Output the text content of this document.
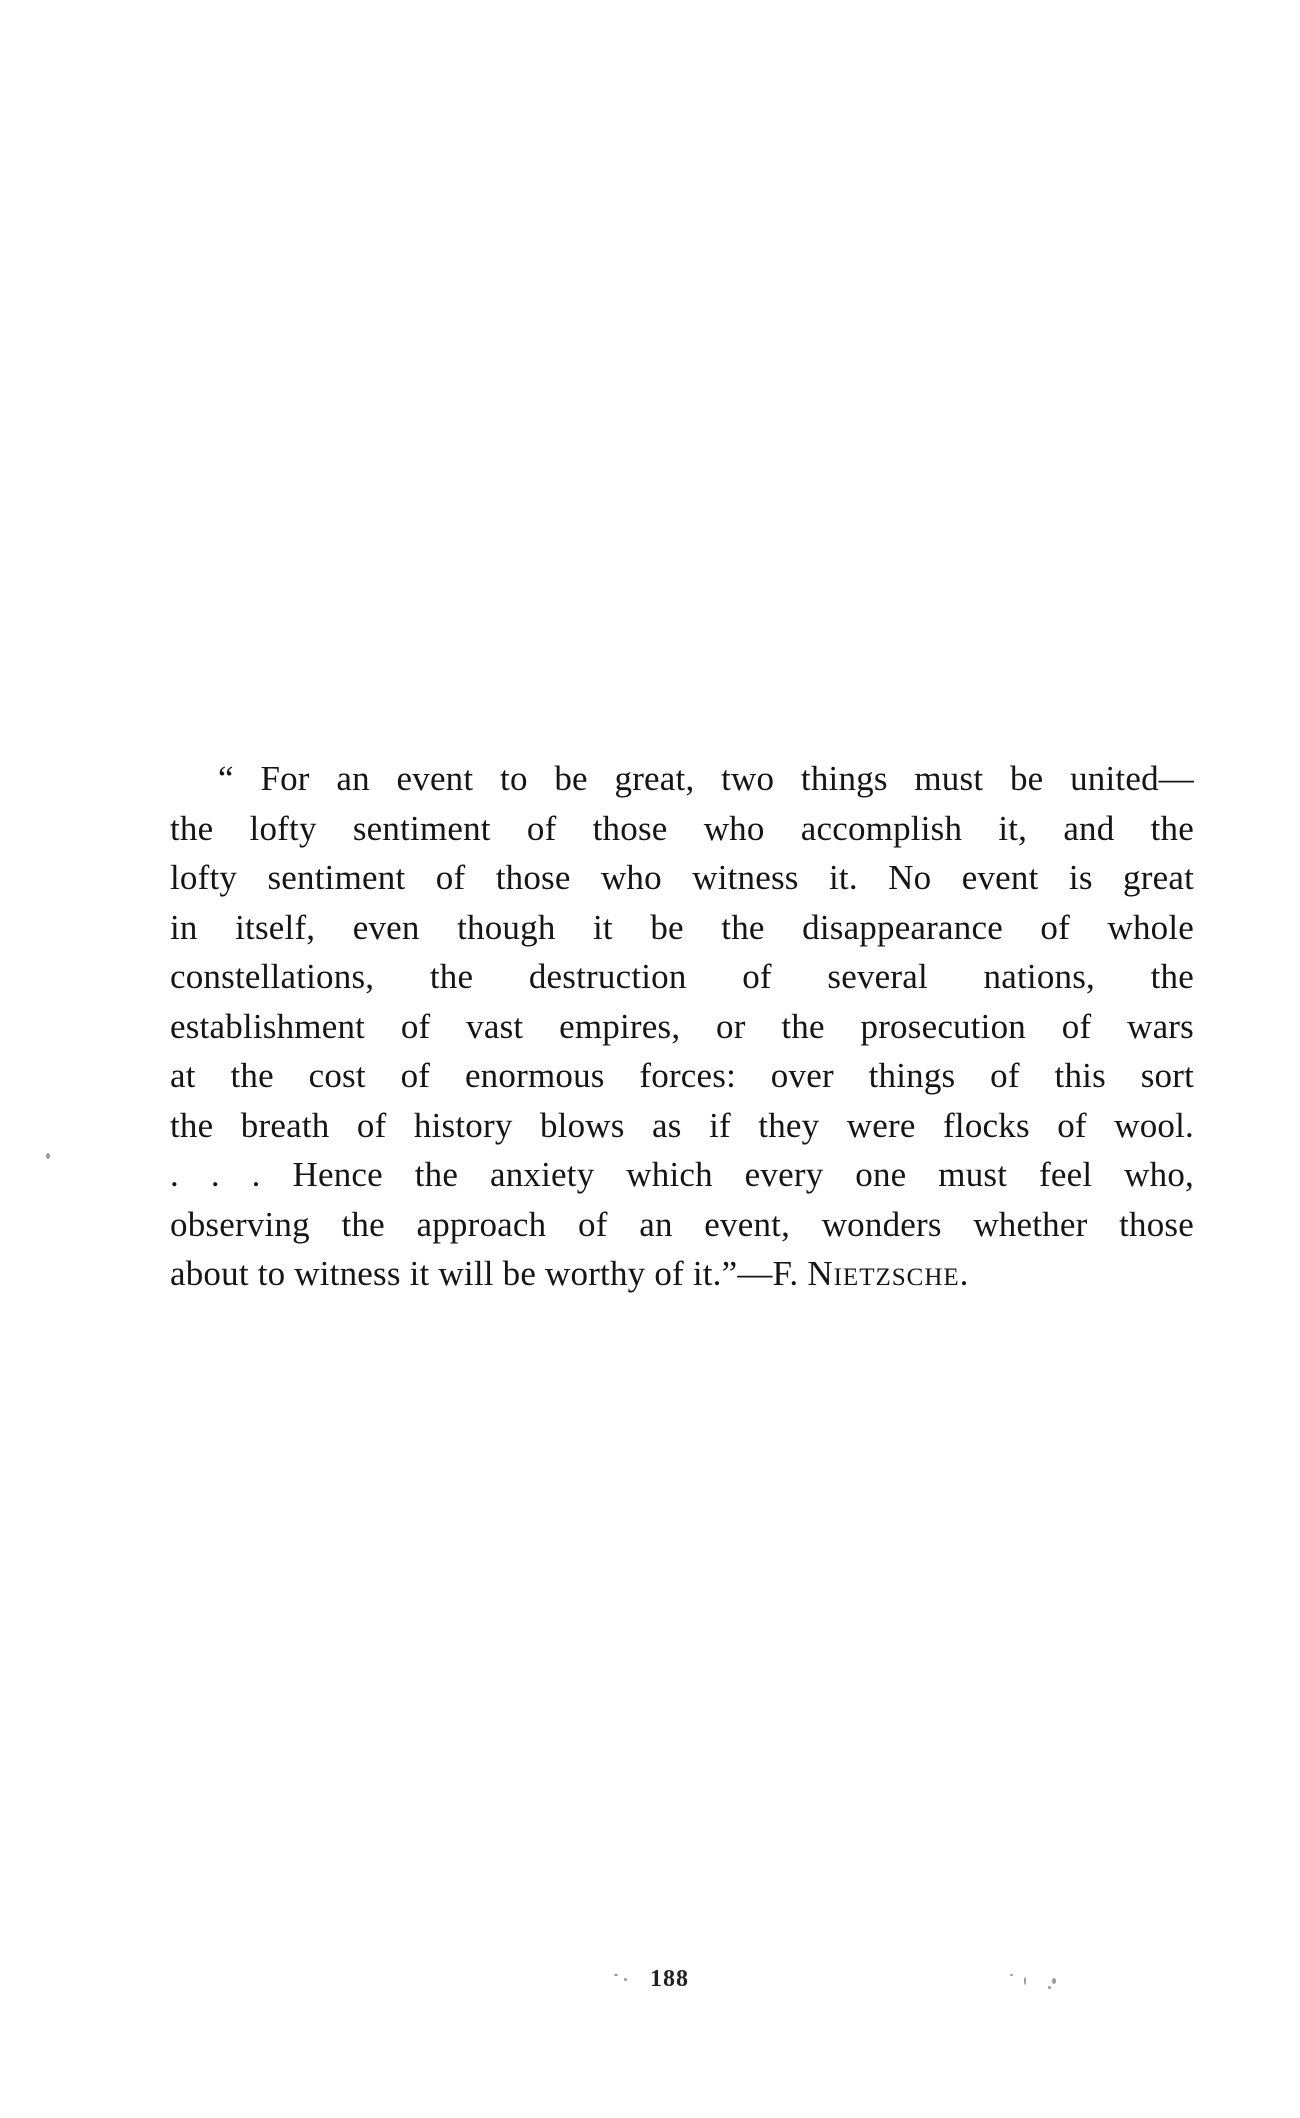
“ For an event to be great, two things must be united—
the lofty sentiment of those who accomplish it, and the
lofty sentiment of those who witness it. No event is great
in itself, even though it be the disappearance of whole
constellations, the destruction of several nations, the
establishment of vast empires, or the prosecution of wars
at the cost of enormous forces: over things of this sort
the breath of history blows as if they were flocks of wool.
. . . Hence the anxiety which every one must feel who,
observing the approach of an event, wonders whether those
about to witness it will be worthy of it.”—F. Nietzsche.
188
